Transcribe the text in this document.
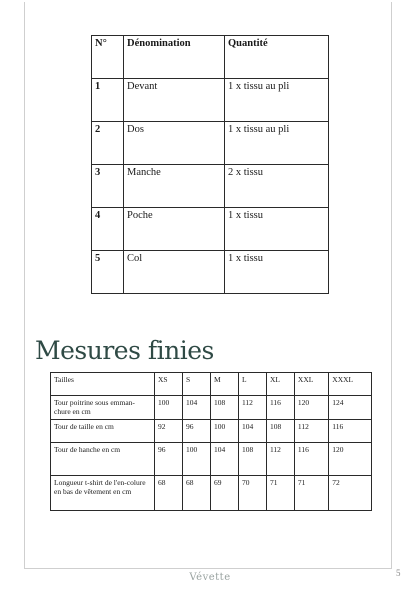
N°	Dénomination	Quantité
1	Devant	1 x tissu au pli
2	Dos	1 x tissu au pli
3	Manche	2 x tissu
4	Poche	1 x tissu
5	Col	1 x tissu
Mesures finies
Tailles	XS	S	M	L	XL	XXL	XXXL
Tour poitrine sous emman-chure en cm	100	104	108	112	116	120	124
Tour de taille en cm	92	96	100	104	108	112	116
Tour de hanche en cm	96	100	104	108	112	116	120
Longueur t-shirt de l'en-colure en bas de vêtement en cm	68	68	69	70	71	71	72
Vévette	5
